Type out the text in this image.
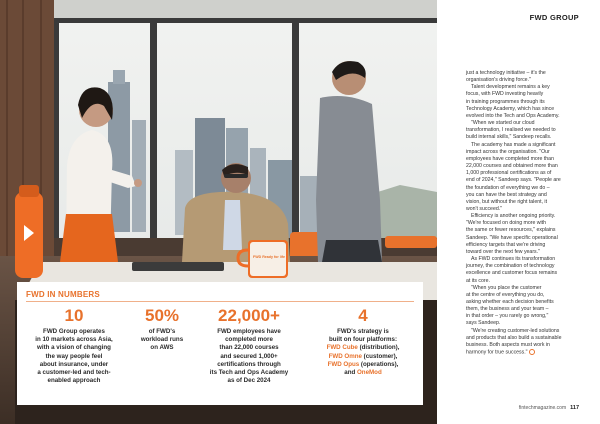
FWD Ready for life
FWD IN NUMBERS
10
FWD Group operates
in 10 markets across Asia,
with a vision of changing
the way people feel
about insurance, under
a customer-led and tech-
enabled approach
50%
of FWD's
workload runs
on AWS
22,000+
FWD employees have
completed more
than 22,000 courses
and secured 1,000+
certifications through
its Tech and Ops Academy
as of Dec 2024
4
FWD's strategy is
built on four platforms:
FWD Cube (distribution),
FWD Omne (customer),
FWD Opus (operations),
and OneMod
FWD GROUP

just a technology initiative – it's the

organisation's driving force."

Talent development remains a key

focus, with FWD investing heavily

in training programmes through its

Technology Academy, which has since

evolved into the Tech and Ops Academy.

"When we started our cloud

transformation, I realised we needed to

build internal skills," Sandeep recalls.

The academy has made a significant

impact across the organisation. "Our

employees have completed more than

22,000 courses and obtained more than

1,000 professional certifications as of

end of 2024," Sandeep says. "People are

the foundation of everything we do –

you can have the best strategy and

vision, but without the right talent, it

won't succeed."

Efficiency is another ongoing priority.

"We're focused on doing more with

the same or fewer resources," explains

Sandeep. "We have specific operational

efficiency targets that we're driving

toward over the next few years."

As FWD continues its transformation

journey, the combination of technology

excellence and customer focus remains

at its core.

"When you place the customer

at the centre of everything you do,

asking whether each decision benefits

them, the business and your team –

in that order – you rarely go wrong,"

says Sandeep.

"We're creating customer-led solutions

and products that also build a sustainable

business. Both aspects must work in

harmony for true success."

fintechmagazine.com 117
